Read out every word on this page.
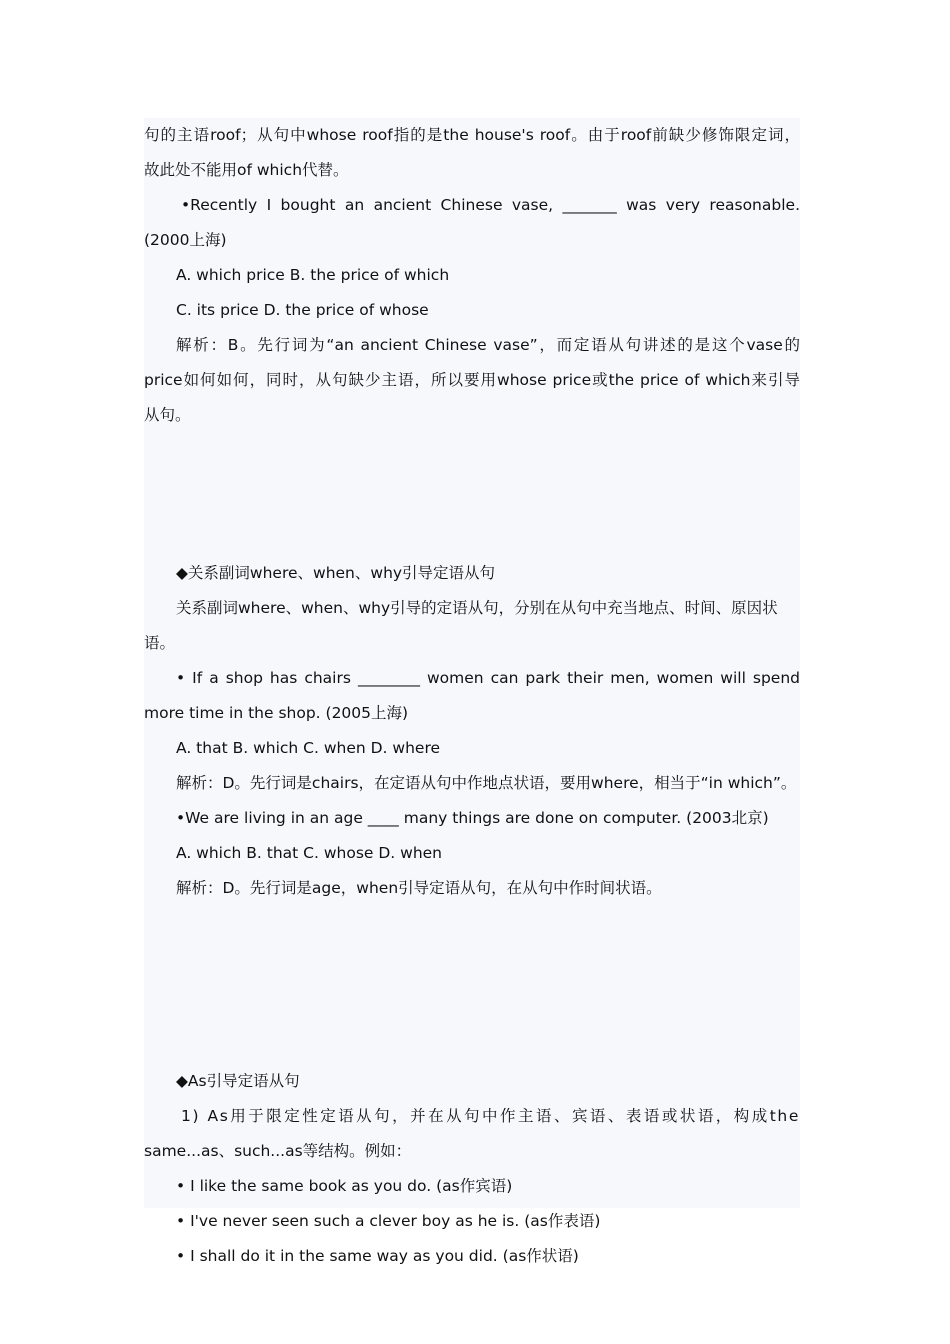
句的主语roof；从句中whose roof指的是the house's roof。由于roof前缺少修饰限定词，

故此处不能用of which代替。

•Recently I bought an ancient Chinese vase, _______ was very reasonable.

(2000上海)

A. which price B. the price of which

C. its price D. the price of whose

解析：B。先行词为“an ancient Chinese vase”，而定语从句讲述的是这个vase的

price如何如何，同时，从句缺少主语，所以要用whose price或the price of which来引导

从句。

◆关系副词where、when、why引导定语从句

关系副词where、when、why引导的定语从句，分别在从句中充当地点、时间、原因状语。

• If a shop has chairs ________ women can park their men, women will spend

more time in the shop. (2005上海)

A. that B. which C. when D. where

解析：D。先行词是chairs，在定语从句中作地点状语，要用where，相当于“in which”。

•We are living in an age ____ many things are done on computer. (2003北京)

A. which B. that C. whose D. when

解析：D。先行词是age，when引导定语从句，在从句中作时间状语。

◆As引导定语从句

1) As用于限定性定语从句，并在从句中作主语、宾语、表语或状语，构成the

same...as、such...as等结构。例如：

• I like the same book as you do. (as作宾语)

• I've never seen such a clever boy as he is. (as作表语)

• I shall do it in the same way as you did. (as作状语)
